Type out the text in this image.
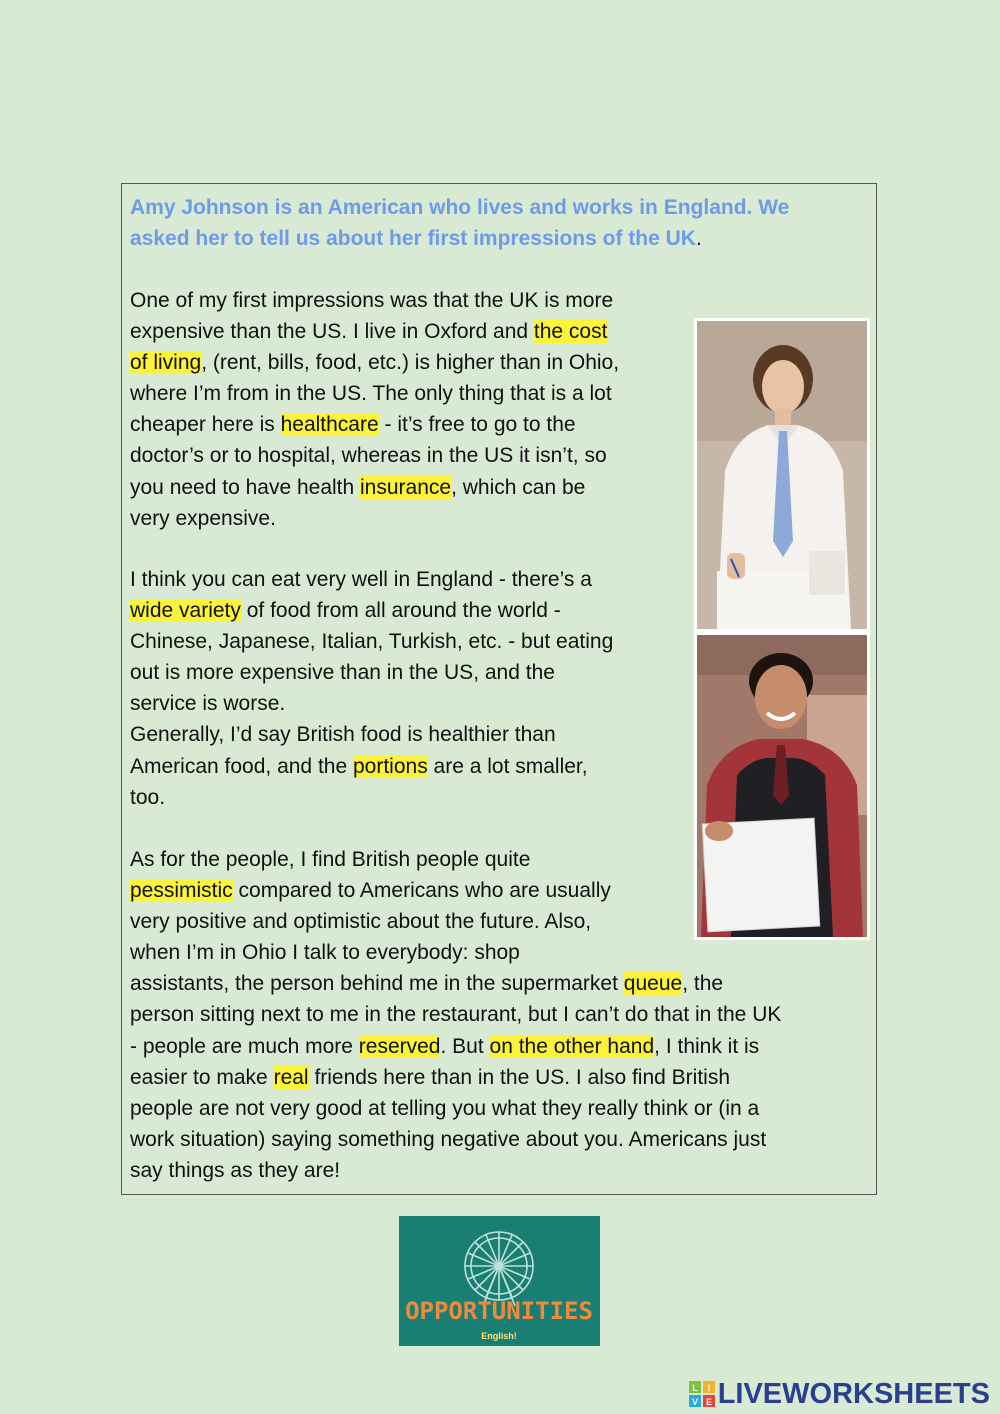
Amy Johnson is an American who lives and works in England. We
asked her to tell us about her first impressions of the UK.

One of my first impressions was that the UK is more
expensive than the US. I live in Oxford and the cost
of living, (rent, bills, food, etc.) is higher than in Ohio,
where I’m from in the US. The only thing that is a lot
cheaper here is healthcare - it’s free to go to the
doctor’s or to hospital, whereas in the US it isn’t, so
you need to have health insurance, which can be
very expensive.

I think you can eat very well in England - there’s a
wide variety of food from all around the world -
Chinese, Japanese, Italian, Turkish, etc. - but eating
out is more expensive than in the US, and the
service is worse.
Generally, I’d say British food is healthier than
American food, and the portions are a lot smaller,
too.

As for the people, I find British people quite
pessimistic compared to Americans who are usually
very positive and optimistic about the future. Also,
when I’m in Ohio I talk to everybody: shop
assistants, the person behind me in the supermarket queue, the
person sitting next to me in the restaurant, but I can’t do that in the UK
- people are much more reserved. But on the other hand, I think it is
easier to make real friends here than in the US. I also find British
people are not very good at telling you what they really think or (in a
work situation) saying something negative about you. Americans just
say things as they are!

OPPORTUNITIES
English!
L I
V E LIVEWORKSHEETS
